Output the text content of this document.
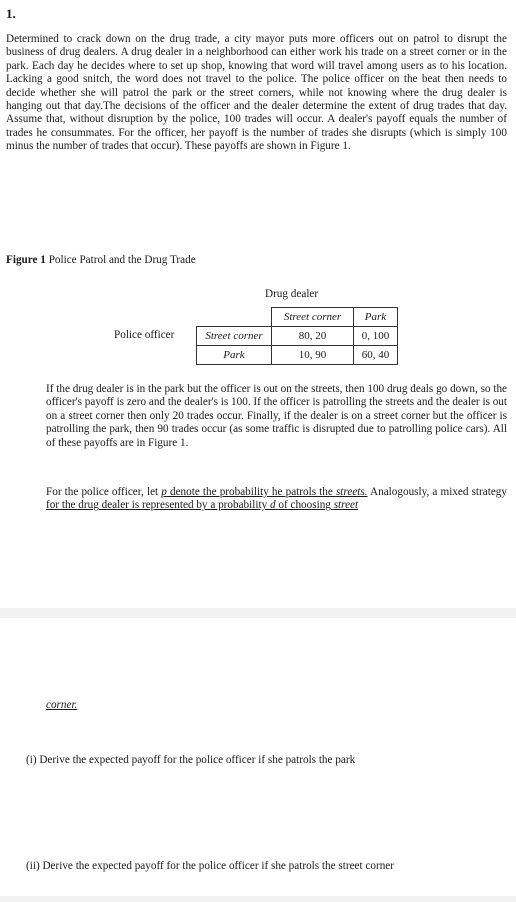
1.
Determined to crack down on the drug trade, a city mayor puts more officers out on patrol to disrupt the business of drug dealers. A drug dealer in a neighborhood can either work his trade on a street corner or in the park. Each day he decides where to set up shop, knowing that word will travel among users as to his location. Lacking a good snitch, the word does not travel to the police. The police officer on the beat then needs to decide whether she will patrol the park or the street corners, while not knowing where the drug dealer is hanging out that day.The decisions of the officer and the dealer determine the extent of drug trades that day. Assume that, without disruption by the police, 100 trades will occur. A dealer's payoff equals the number of trades he consummates. For the officer, her payoff is the number of trades she disrupts (which is simply 100 minus the number of trades that occur). These payoffs are shown in Figure 1.
Figure 1 Police Patrol and the Drug Trade
Drug dealer
Police officer
	Street corner	Park
Street corner	80, 20	0, 100
Park	10, 90	60, 40
If the drug dealer is in the park but the officer is out on the streets, then 100 drug deals go down, so the officer's payoff is zero and the dealer's is 100. If the officer is patrolling the streets and the dealer is out on a street corner then only 20 trades occur. Finally, if the dealer is on a street corner but the officer is patrolling the park, then 90 trades occur (as some traffic is disrupted due to patrolling police cars). All of these payoffs are in Figure 1.
For the police officer, let p denote the probability he patrols the streets. Analogously, a mixed strategy for the drug dealer is represented by a probability d of choosing street
corner.
(i) Derive the expected payoff for the police officer if she patrols the park
(ii) Derive the expected payoff for the police officer if she patrols the street corner
